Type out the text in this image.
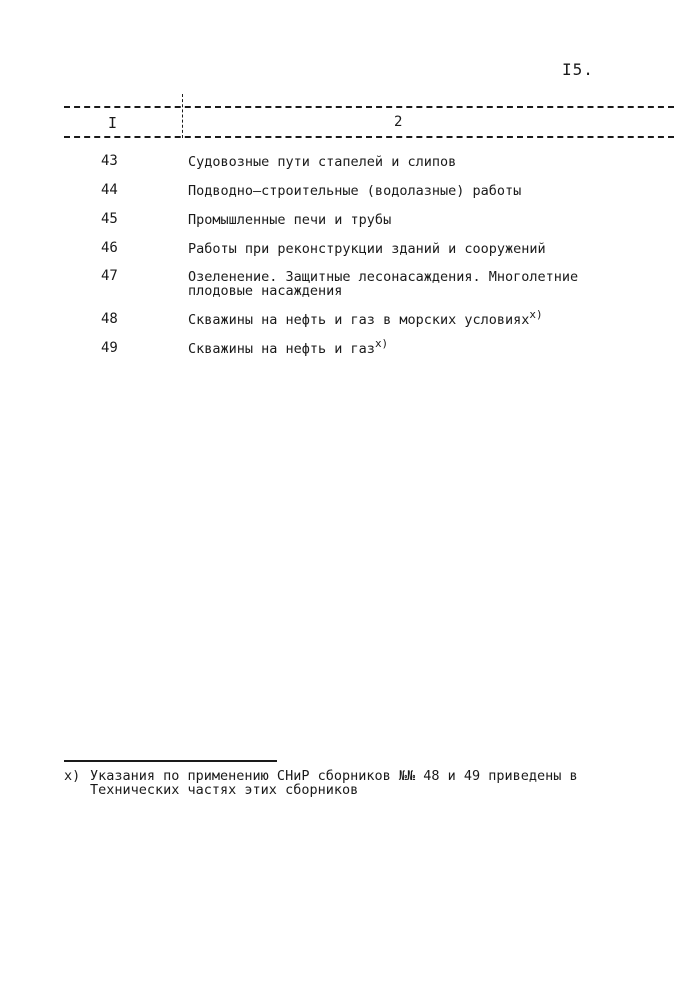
I5.
I	2
43	Судовозные пути стапелей и слипов
44	Подводно–строительные (водолазные) работы
45	Промышленные печи и трубы
46	Работы при реконструкции зданий и сооружений
47	Озеленение. Защитные лесонасаждения. Многолетние плодовые насаждения
48	Скважины на нефть и газ в морских условиях$^{x)}$
49	Скважины на нефть и газ$^{x)}$
x) Указания по применению СНиР сборников №№ 48 и 49 приведены в
Технических частях этих сборников
